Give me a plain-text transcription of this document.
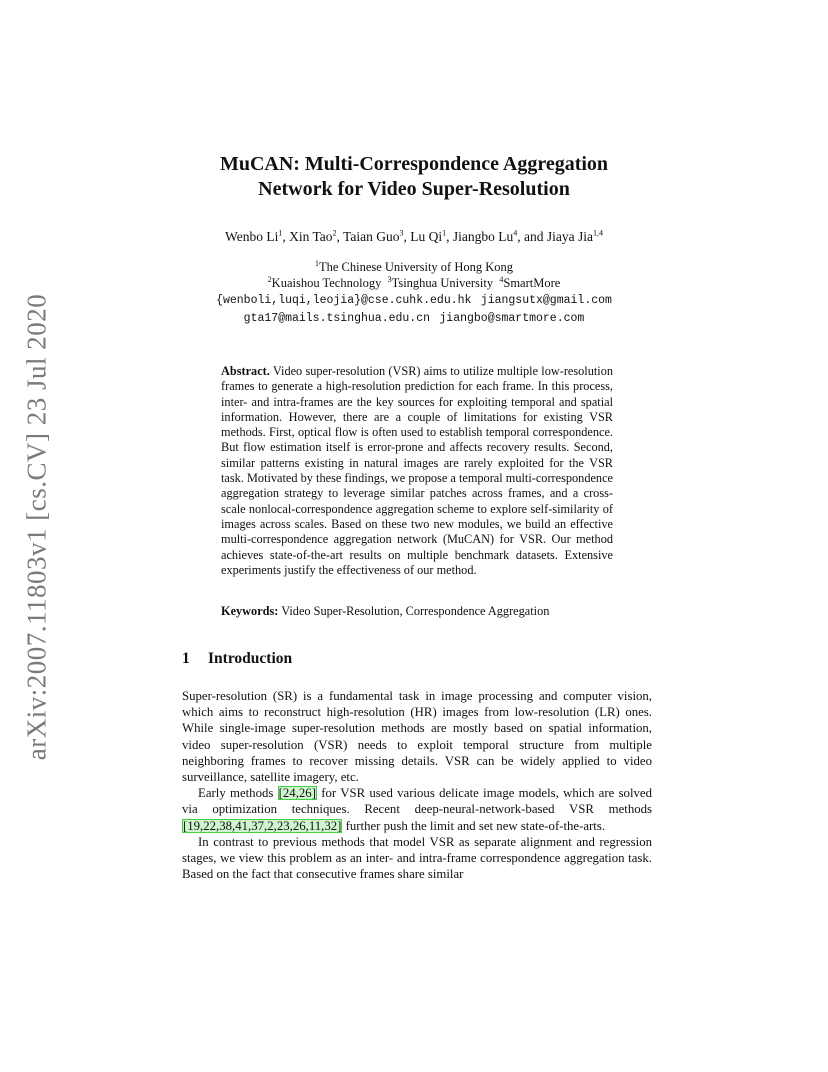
arXiv:2007.11803v1 [cs.CV] 23 Jul 2020
MuCAN: Multi-Correspondence Aggregation
Network for Video Super-Resolution
Wenbo Li$^1$, Xin Tao$^2$, Taian Guo$^3$, Lu Qi$^1$, Jiangbo Lu$^4$, and Jiaya Jia$^{1,4}$
$^1$The Chinese University of Hong Kong
$^2$Kuaishou Technology $^3$Tsinghua University $^4$SmartMore
{wenboli,luqi,leojia}@cse.cuhk.edu.hk jiangsutx@gmail.com
gta17@mails.tsinghua.edu.cn jiangbo@smartmore.com
Abstract. Video super-resolution (VSR) aims to utilize multiple low-resolution frames to generate a high-resolution prediction for each frame. In this process, inter- and intra-frames are the key sources for exploiting temporal and spatial information. However, there are a couple of limitations for existing VSR methods. First, optical flow is often used to establish temporal correspondence. But flow estimation itself is error-prone and affects recovery results. Second, similar patterns existing in natural images are rarely exploited for the VSR task. Motivated by these findings, we propose a temporal multi-correspondence aggregation strategy to leverage similar patches across frames, and a cross-scale nonlocal-correspondence aggregation scheme to explore self-similarity of images across scales. Based on these two new modules, we build an effective multi-correspondence aggregation network (MuCAN) for VSR. Our method achieves state-of-the-art results on multiple benchmark datasets. Extensive experiments justify the effectiveness of our method.
Keywords: Video Super-Resolution, Correspondence Aggregation
1 Introduction

Super-resolution (SR) is a fundamental task in image processing and computer vision, which aims to reconstruct high-resolution (HR) images from low-resolution (LR) ones. While single-image super-resolution methods are mostly based on spatial information, video super-resolution (VSR) needs to exploit temporal structure from multiple neighboring frames to recover missing details. VSR can be widely applied to video surveillance, satellite imagery, etc.

Early methods [24,26] for VSR used various delicate image models, which are solved via optimization techniques. Recent deep-neural-network-based VSR methods [19,22,38,41,37,2,23,26,11,32] further push the limit and set new state-of-the-arts.

In contrast to previous methods that model VSR as separate alignment and regression stages, we view this problem as an inter- and intra-frame correspondence aggregation task. Based on the fact that consecutive frames share similar
